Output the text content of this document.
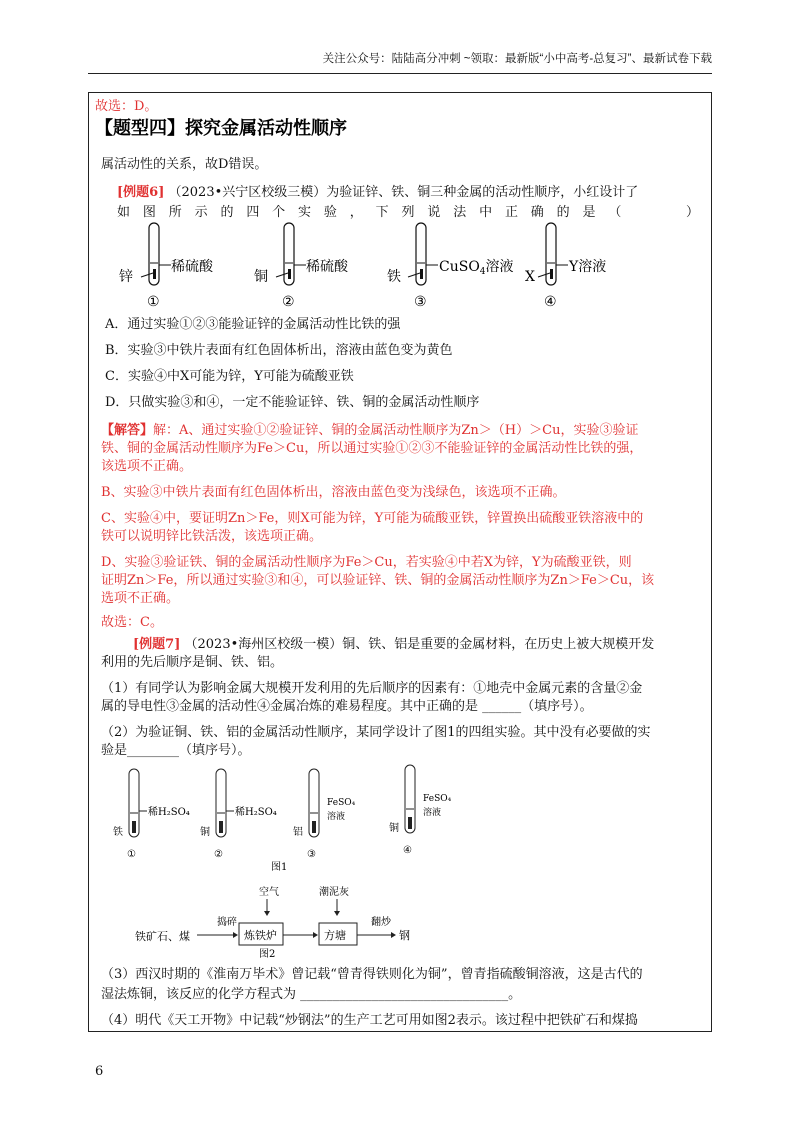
关注公众号：陆陆高分冲刺 ~领取：最新版“小中高考-总复习”、最新试卷下载
故选：D。
【题型四】探究金属活动性顺序
属活动性的关系，故D错误。
[例题6] （2023•兴宁区校级三模）为验证锌、铁、铜三种金属的活动性顺序，小红设计了
如图所示的四个实验，下列说法中正确的是（　　）
锌
稀硫酸
①
铜
稀硫酸
②
铁
CuSO$_4$溶液
③
X
Y溶液
④
A．通过实验①②③能验证锌的金属活动性比铁的强
B．实验③中铁片表面有红色固体析出，溶液由蓝色变为黄色
C．实验④中X可能为锌，Y可能为硫酸亚铁
D．只做实验③和④，一定不能验证锌、铁、铜的金属活动性顺序
【解答】解：A、通过实验①②验证锌、铜的金属活动性顺序为Zn＞（H）＞Cu，实验③验证
铁、铜的金属活动性顺序为Fe＞Cu，所以通过实验①②③不能验证锌的金属活动性比铁的强，
该选项不正确。
B、实验③中铁片表面有红色固体析出，溶液由蓝色变为浅绿色，该选项不正确。
C、实验④中，要证明Zn＞Fe，则X可能为锌，Y可能为硫酸亚铁，锌置换出硫酸亚铁溶液中的
铁可以说明锌比铁活泼，该选项正确。
D、实验③验证铁、铜的金属活动性顺序为Fe＞Cu，若实验④中若X为锌，Y为硫酸亚铁，则
证明Zn＞Fe，所以通过实验③和④，可以验证锌、铁、铜的金属活动性顺序为Zn＞Fe＞Cu，该
选项不正确。
故选：C。
[例题7] （2023•海州区校级一模）铜、铁、铝是重要的金属材料，在历史上被大规模开发
利用的先后顺序是铜、铁、铝。
（1）有同学认为影响金属大规模开发利用的先后顺序的因素有：①地壳中金属元素的含量②金
属的导电性③金属的活动性④金属冶炼的难易程度。其中正确的是 ______（填序号）。
（2）为验证铜、铁、铝的金属活动性顺序，某同学设计了图1的四组实验。其中没有必要做的实
验是________（填序号）。
稀H₂SO₄
铁
①
稀H₂SO₄
铜
②
FeSO₄
溶液
铝
③
FeSO₄
溶液
铜
④
图1
空气	潮泥灰
铁矿石、煤
捣碎
炼铁炉	方塘
翻炒
钢
图2
（3）西汉时期的《淮南万毕术》曾记载“曾青得铁则化为铜”，曾青指硫酸铜溶液，这是古代的
湿法炼铜，该反应的化学方程式为 ________________________________。
（4）明代《天工开物》中记载“炒钢法”的生产工艺可用如图2表示。该过程中把铁矿石和煤捣
6
